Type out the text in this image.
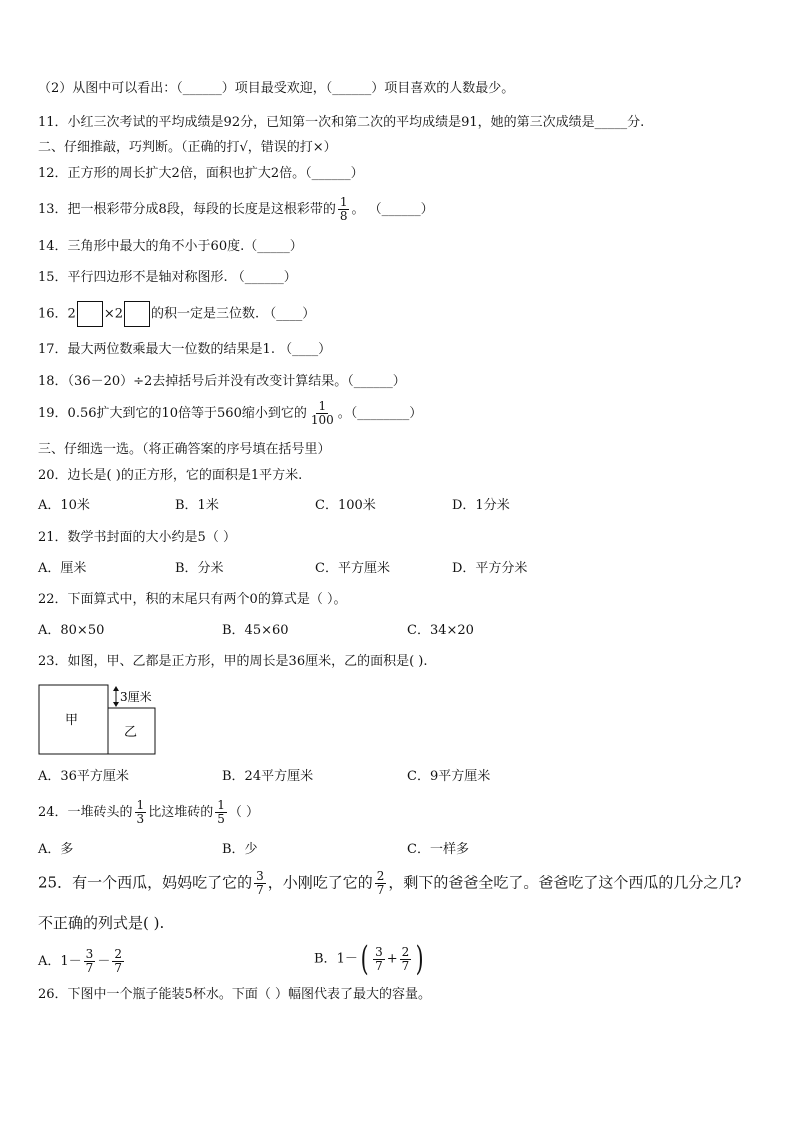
（2）从图中可以看出：（______）项目最受欢迎，（______）项目喜欢的人数最少。
11．小红三次考试的平均成绩是92分，已知第一次和第二次的平均成绩是91，她的第三次成绩是_____分.
二、仔细推敲，巧判断。（正确的打√，错误的打×）
12．正方形的周长扩大2倍，面积也扩大2倍。（______）
13．把一根彩带分成8段，每段的长度是这根彩带的 $\frac{1}{8}$ 。 （______）
14．三角形中最大的角不小于60度.（_____）
15．平行四边形不是轴对称图形. （______）
16．2 ×2 的积一定是三位数. （____）
17．最大两位数乘最大一位数的结果是1. （____）
18．（36－20）÷2去掉括号后并没有改变计算结果。（______）
19．0.56扩大到它的10倍等于560缩小到它的 $\frac{1}{100}$ 。（________）
三、仔细选一选。（将正确答案的序号填在括号里）
20．边长是( )的正方形，它的面积是1平方米.
A．10米	B．1米	C．100米	D．1分米
21．数学书封面的大小约是5（ ）
A．厘米	B．分米	C．平方厘米	D．平方分米
22．下面算式中，积的末尾只有两个0的算式是（ ）。
A．80×50	B．45×60	C．34×20
23．如图，甲、乙都是正方形，甲的周长是36厘米，乙的面积是( ).
甲
乙
3厘米
A．36平方厘米	B．24平方厘米	C．9平方厘米
24．一堆砖头的 $\frac{1}{3}$ 比这堆砖的 $\frac{1}{5}$ （ ）
A．多	B．少	C．一样多
25．有一个西瓜，妈妈吃了它的 $\frac{3}{7}$ ，小刚吃了它的 $\frac{2}{7}$ ，剩下的爸爸全吃了。爸爸吃了这个西瓜的几分之几?
不正确的列式是( ).
A．$1- \frac{3}{7} - \frac{2}{7}$	B．$1-( \frac{3}{7} + \frac{2}{7}$ )
26．下图中一个瓶子能装5杯水。下面（ ）幅图代表了最大的容量。
